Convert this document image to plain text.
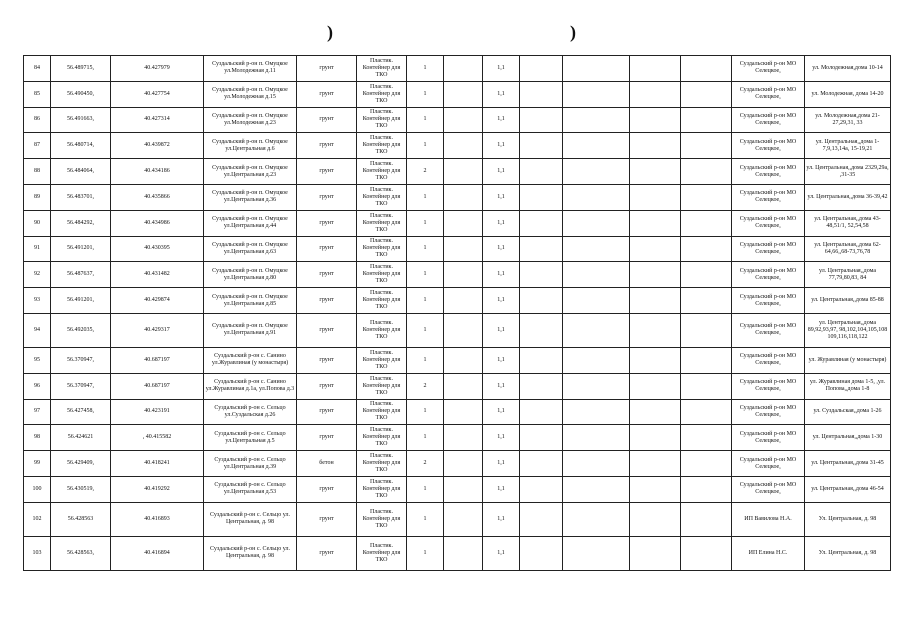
)	)
84	56.489715,	40.427979	Суздальский р-он п. Омуцкое ул.Молодежная д.11	грунт	Пластик. Контейнер для ТКО	1		1,1					Суздальский р-он МО Селецкое,	ул. Молодежная,дома 10-14
85	56.490450,	40.427754	Суздальский р-он п. Омуцкое ул.Молодежная д.15	грунт	Пластик. Контейнер для ТКО	1		1,1					Суздальский р-он МО Селецкое,	ул. Молодежная, дома 14-20
86	56.491663,	40.427314	Суздальский р-он п. Омуцкое ул.Молодежная д.23	грунт	Пластик. Контейнер для ТКО	1		1,1					Суздальский р-он МО Селецкое,	ул. Молодежная,дома 21-27,29,31, 33
87	56.480714,	40.439872	Суздальский р-он п. Омуцкое ул.Центральная д.6	грунт	Пластик. Контейнер для ТКО	1		1,1					Суздальский р-он МО Селецкое,	ул. Центральная,,дома 1-7,9,13,14а, 15-19,21
88	56.484064,	40.434186	Суздальский р-он п. Омуцкое ул.Центральная д.23	грунт	Пластик. Контейнер для ТКО	2		1,1					Суздальский р-он МО Селецкое,	ул. Центральная,,дома 2329,29а, ,31-35
89	56.483701,	40.435866	Суздальский р-он п. Омуцкое ул.Центральная д.36	грунт	Пластик. Контейнер для ТКО	1		1,1					Суздальский р-он МО Селецкое,	ул. Центральная,,дома 36-39,42
90	56.484292,	40.434986	Суздальский р-он п. Омуцкое ул.Центральная д.44	грунт	Пластик. Контейнер для ТКО	1		1,1					Суздальский р-он МО Селецкое,	ул. Центральная,,дома 43-48,51/1, 52,54,58
91	56.491201,	40.430395	Суздальский р-он п. Омуцкое ул.Центральная д.63	грунт	Пластик. Контейнер для ТКО	1		1,1					Суздальский р-он МО Селецкое,	ул. Центральная,,дома 62-64,66,,68-73,76,78
92	56.487637,	40.431482	Суздальский р-он п. Омуцкое ул.Центральная д.80	грунт	Пластик. Контейнер для ТКО	1		1,1					Суздальский р-он МО Селецкое,	ул. Центральная,,дома 77,79,80,83, 84
93	56.491201,	40.429874	Суздальский р-он п. Омуцкое ул.Центральная д.85	грунт	Пластик. Контейнер для ТКО	1		1,1					Суздальский р-он МО Селецкое,	ул. Центральная,,дома 85-88
94	56.492035,	40.429317	Суздальский р-он п. Омуцкое ул.Центральная д.91	грунт	Пластик. Контейнер для ТКО	1		1,1					Суздальский р-он МО Селецкое,	ул. Центральная,,дома 89,92,93,97, 98,102,104,105,108 109,116,118,122
95	56.370947,	40.687197	Суздальский р-он с. Санино ул.Журавлиная (у монастыря)	грунт	Пластик. Контейнер для ТКО	1		1,1					Суздальский р-он МО Селецкое,	ул. Журавлиная (у монастыря)
96	56.370947,	40.687197	Суздальский р-он с. Санино ул.Журавлиная д.1а, ул.Попова д.3	грунт	Пластик. Контейнер для ТКО	2		1,1					Суздальский р-он МО Селецкое,	ул. Журавлиная дома 1-5, ,ул. Попова,,дома 1-8
97	56.427458,	40.423191	Суздальский р-он с. Сельцо ул.Суздальская д.26	грунт	Пластик. Контейнер для ТКО	1		1,1					Суздальский р-он МО Селецкое,	ул. Суздальская,,дома 1-26
98	56.424621	, 40.415582	Суздальский р-он с. Сельцо ул.Центральная д.5	грунт	Пластик. Контейнер для ТКО	1		1,1					Суздальский р-он МО Селецкое,	ул. Центральная,,дома 1-30
99	56.429409,	40.418241	Суздальский р-он с. Сельцо ул.Центральная д.39	бетон	Пластик. Контейнер для ТКО	2		1,1					Суздальский р-он МО Селецкое,	ул. Центральная,,дома 31-45
100	56.430519,	40.419292	Суздальский р-он с. Сельцо ул.Центральная д.53	грунт	Пластик. Контейнер для ТКО	1		1,1					Суздальский р-он МО Селецкое,	ул. Центральная,,дома 46-54
102	56.428563	40.416893	Суздальский р-он с. Сельцо ул. Центральная, д. 98	грунт	Пластик. Контейнер для ТКО	1		1,1					ИП Вавилова Н.А.	Ул. Центральная, д. 98
103	56.428563,	40.416894	Суздальский р-он с. Сельцо ул. Центральная, д. 98	грунт	Пластик. Контейнер для ТКО	1		1,1					ИП Елина Н.С.	Ул. Центральная, д. 98
